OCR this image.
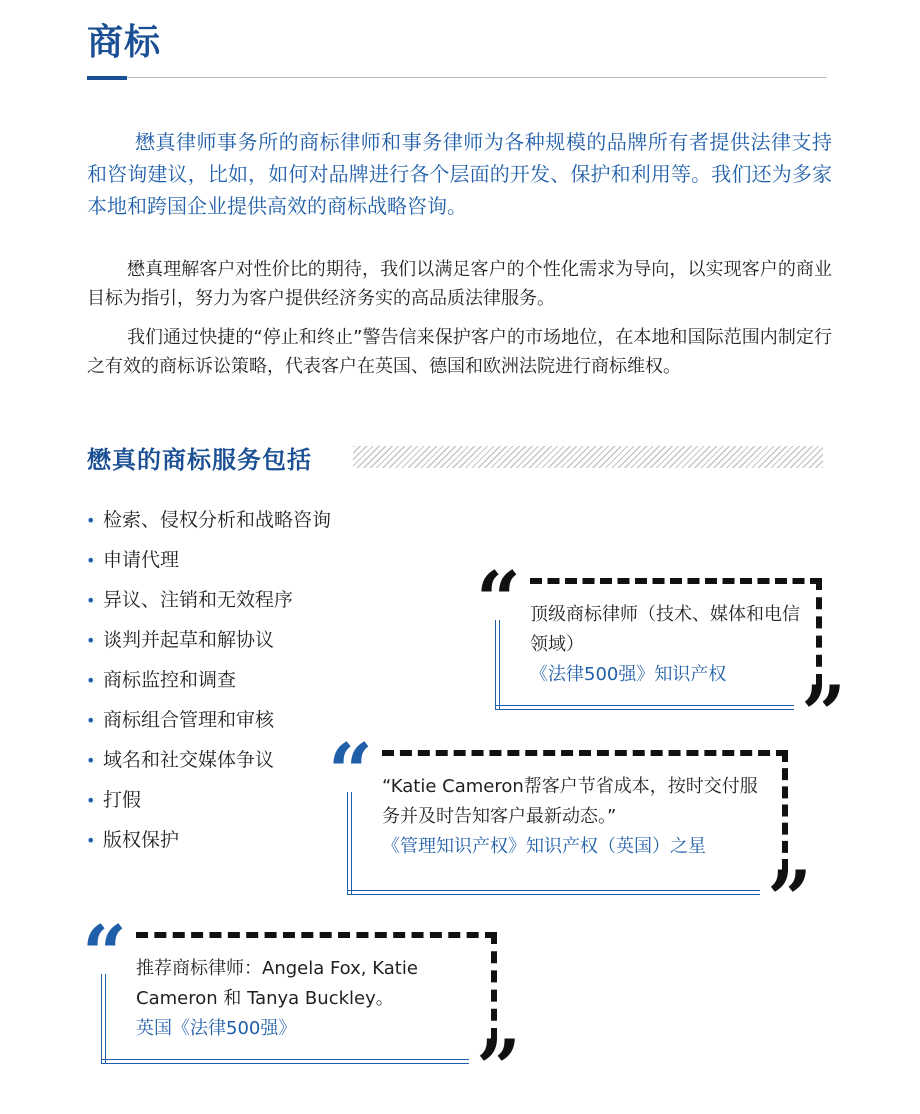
商标

懋真律师事务所的商标律师和事务律师为各种规模的品牌所有者提供法律支持和咨询建议，比如，如何对品牌进行各个层面的开发、保护和利用等。我们还为多家本地和跨国企业提供高效的商标战略咨询。

懋真理解客户对性价比的期待，我们以满足客户的个性化需求为导向，以实现客户的商业目标为指引，努力为客户提供经济务实的高品质法律服务。

我们通过快捷的“停止和终止”警告信来保护客户的市场地位，在本地和国际范围内制定行之有效的商标诉讼策略，代表客户在英国、德国和欧洲法院进行商标维权。

懋真的商标服务包括
• 检索、侵权分析和战略咨询
• 申请代理
• 异议、注销和无效程序
• 谈判并起草和解协议
• 商标监控和调查
• 商标组合管理和审核
• 域名和社交媒体争议
• 打假
• 版权保护
“ 顶级商标律师（技术、媒体和电信领域）

《法律500强》知识产权 ”
“ “Katie Cameron帮客户节省成本，按时交付服务并及时告知客户最新动态。”

《管理知识产权》知识产权（英国）之星

”
“ 推荐商标律师：Angela Fox, Katie Cameron 和 Tanya Buckley。

英国《法律500强》	”
